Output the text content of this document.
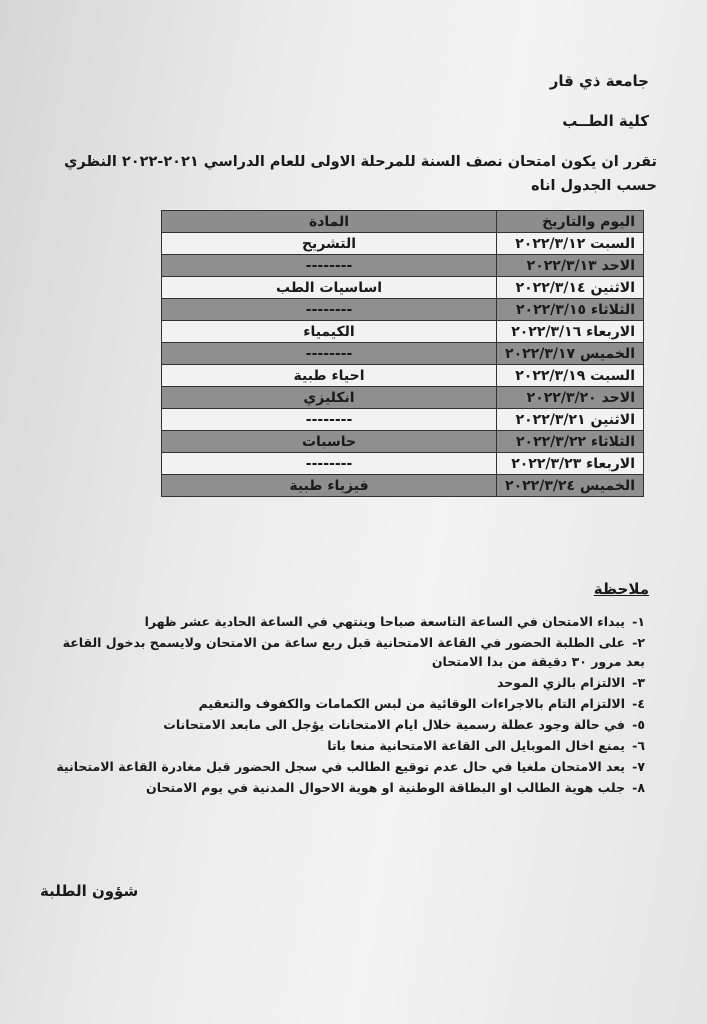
جامعة ذي قار
كلية الطــب
تقرر ان يكون امتحان نصف السنة للمرحلة الاولى للعام الدراسي ٢٠٢١-٢٠٢٢ النظري حسب الجدول اناه
اليوم والتاريخ	المادة
السبت ٢٠٢٢/٣/١٢	التشريح
الاحد ٢٠٢٢/٣/١٣	--------
الاثنين ٢٠٢٢/٣/١٤	اساسيات الطب
الثلاثاء ٢٠٢٢/٣/١٥	--------
الاربعاء ٢٠٢٢/٣/١٦	الكيمياء
الخميس ٢٠٢٢/٣/١٧	--------
السبت ٢٠٢٢/٣/١٩	احياء طبية
الاحد ٢٠٢٢/٣/٢٠	انكليزي
الاثنين ٢٠٢٢/٣/٢١	--------
الثلاثاء ٢٠٢٢/٣/٢٢	حاسبات
الاربعاء ٢٠٢٢/٣/٢٣	--------
الخميس ٢٠٢٢/٣/٢٤	فيزياء طبية
ملاحظة
١-يبداء الامتحان في الساعة التاسعة صباحا وينتهي في الساعة الحادية عشر ظهرا
٢-على الطلبة الحضور في القاعة الامتحانية قبل ربع ساعة من الامتحان ولايسمح بدخول القاعة بعد مرور ٣٠ دقيقة من بدا الامتحان
٣-الالتزام بالزي الموحد
٤-الالتزام التام بالاجراءات الوقائية من لبس الكمامات والكفوف والتعقيم
٥-في حالة وجود عطلة رسمية خلال ايام الامتحانات يؤجل الى مابعد الامتحانات
٦-يمنع اخال الموبايل الى القاعة الامتحانية منعا باتا
٧-يعد الامتحان ملغيا في حال عدم توقيع الطالب في سجل الحضور قبل مغادرة القاعة الامتحانية
٨-جلب هوية الطالب او البطاقة الوطنية او هوية الاحوال المدنية في يوم الامتحان
شؤون الطلبة
